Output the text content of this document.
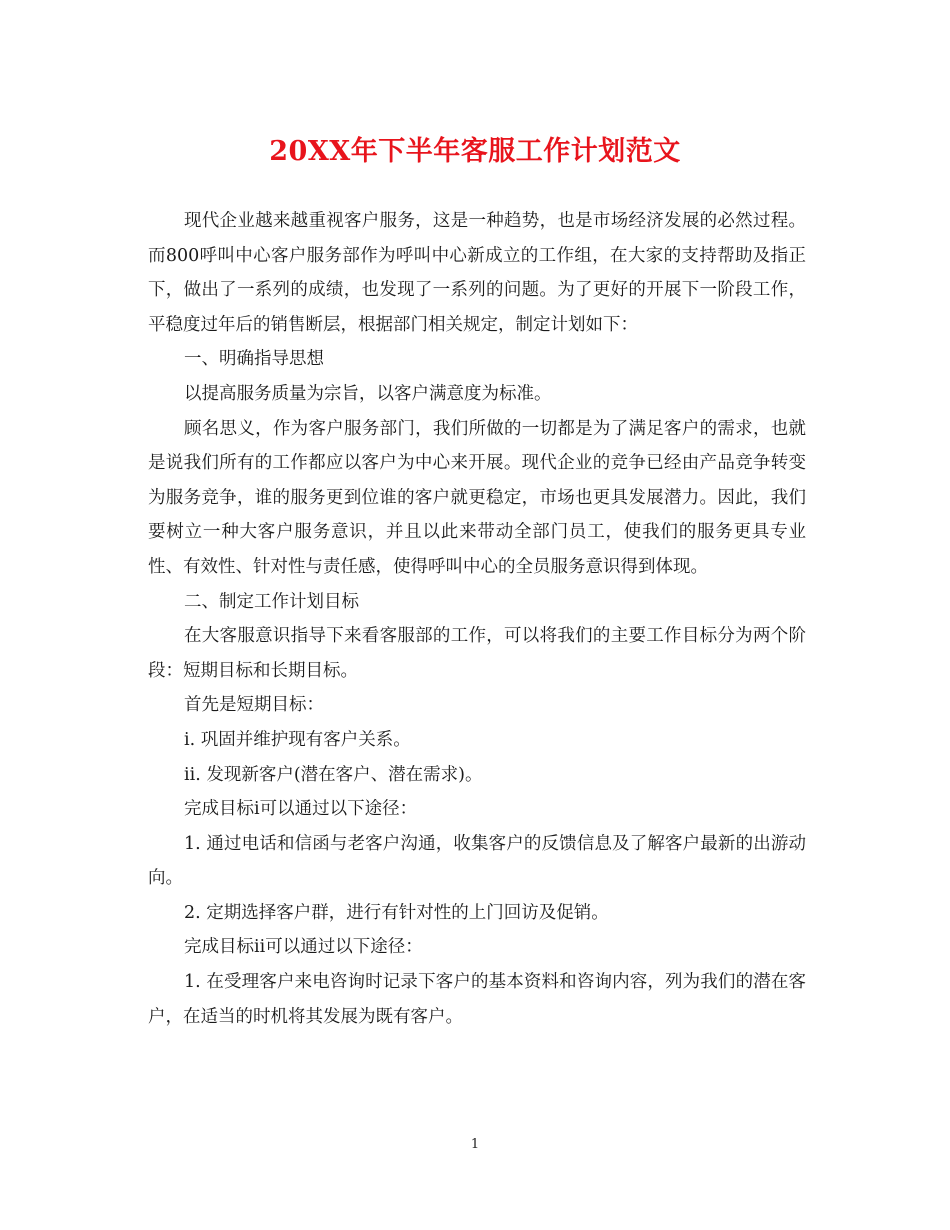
20XX年下半年客服工作计划范文

现代企业越来越重视客户服务，这是一种趋势，也是市场经济发展的必然过程。而800呼叫中心客户服务部作为呼叫中心新成立的工作组，在大家的支持帮助及指正下，做出了一系列的成绩，也发现了一系列的问题。为了更好的开展下一阶段工作，平稳度过年后的销售断层，根据部门相关规定，制定计划如下：

一、明确指导思想

以提高服务质量为宗旨，以客户满意度为标准。

顾名思义，作为客户服务部门，我们所做的一切都是为了满足客户的需求，也就是说我们所有的工作都应以客户为中心来开展。现代企业的竞争已经由产品竞争转变为服务竞争，谁的服务更到位谁的客户就更稳定，市场也更具发展潜力。因此，我们要树立一种大客户服务意识，并且以此来带动全部门员工，使我们的服务更具专业性、有效性、针对性与责任感，使得呼叫中心的全员服务意识得到体现。

二、制定工作计划目标

在大客服意识指导下来看客服部的工作，可以将我们的主要工作目标分为两个阶段：短期目标和长期目标。

首先是短期目标：

i. 巩固并维护现有客户关系。

ii. 发现新客户(潜在客户、潜在需求)。

完成目标i可以通过以下途径：

1. 通过电话和信函与老客户沟通，收集客户的反馈信息及了解客户最新的出游动向。

2. 定期选择客户群，进行有针对性的上门回访及促销。

完成目标ii可以通过以下途径：

1. 在受理客户来电咨询时记录下客户的基本资料和咨询内容，列为我们的潜在客户，在适当的时机将其发展为既有客户。

1
